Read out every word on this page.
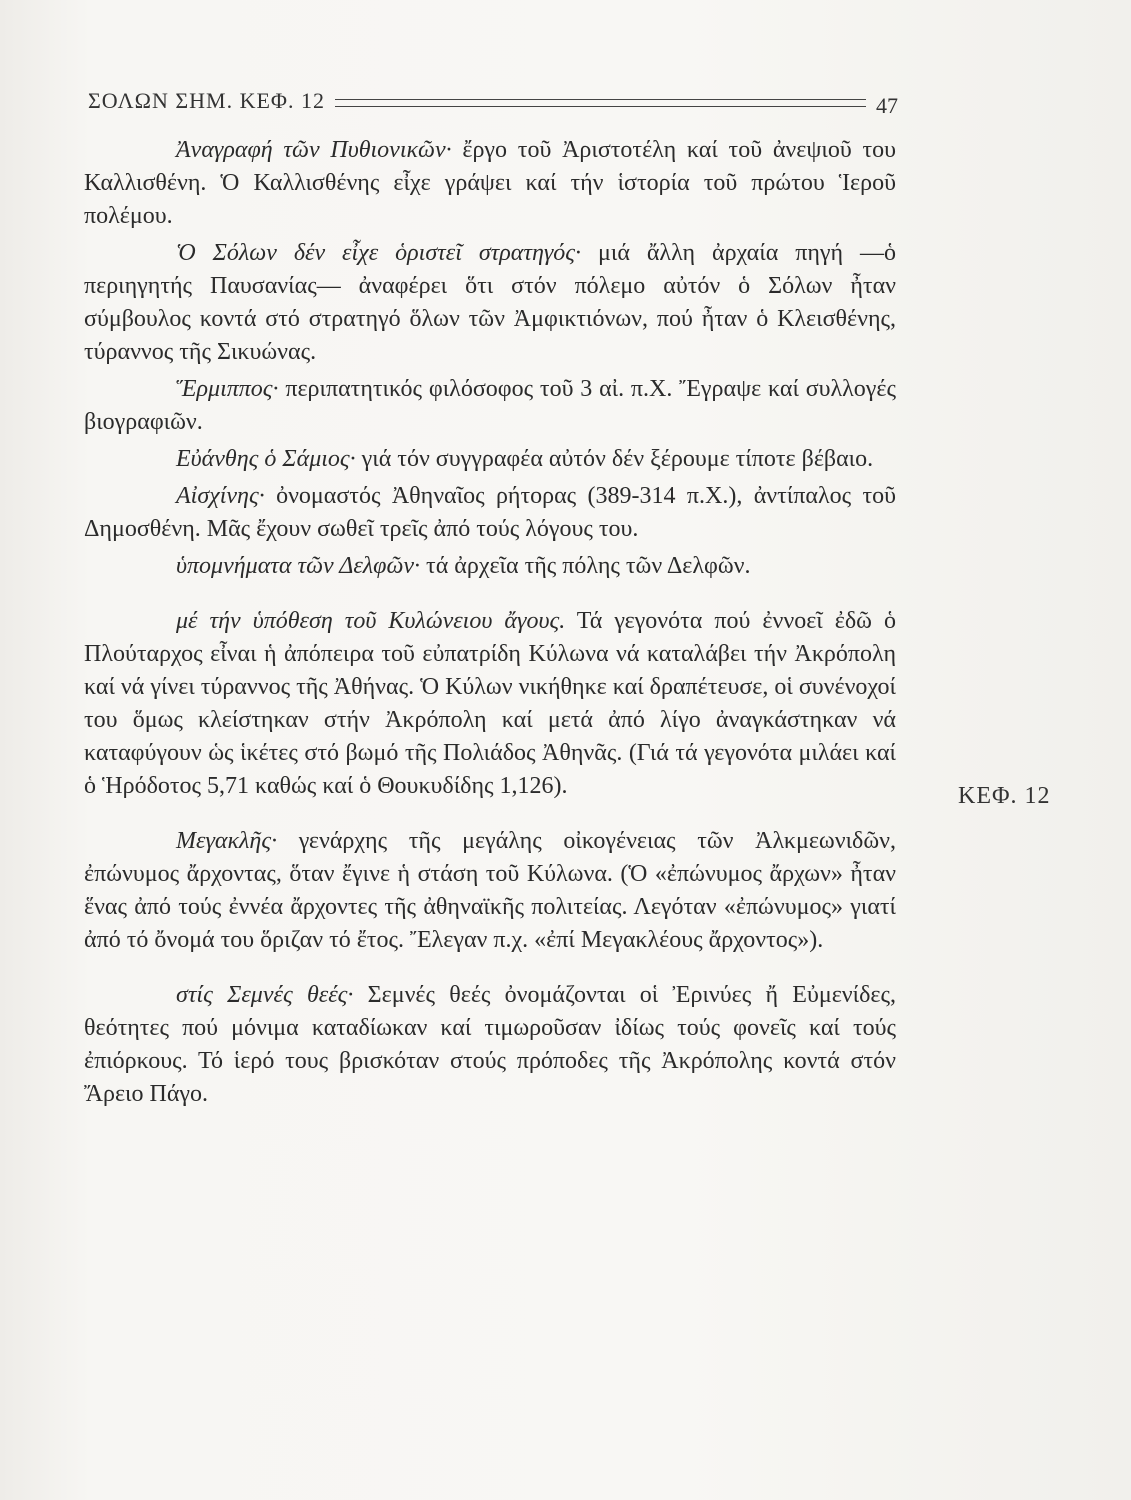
ΣΟΛΩΝ ΣΗΜ. ΚΕΦ. 12	47

Ἀναγραφή τῶν Πυθιονικῶν· ἔργο τοῦ Ἀριστοτέλη καί τοῦ ἀνεψιοῦ του Καλλισθένη. Ὁ Καλλισθένης εἶχε γράψει καί τήν ἱστορία τοῦ πρώτου Ἱεροῦ πολέμου.

Ὁ Σόλων δέν εἶχε ὁριστεῖ στρατηγός· μιά ἄλλη ἀρχαία πηγή —ὁ περιηγητής Παυσανίας— ἀναφέρει ὅτι στόν πόλεμο αὐτόν ὁ Σόλων ἦταν σύμβουλος κοντά στό στρατηγό ὅλων τῶν Ἀμφικτιόνων, πού ἦταν ὁ Κλεισθένης, τύραννος τῆς Σικυώνας.

Ἕρμιππος· περιπατητικός φιλόσοφος τοῦ 3 αἰ. π.Χ. Ἔγραψε καί συλλογές βιογραφιῶν.

Εὐάνθης ὁ Σάμιος· γιά τόν συγγραφέα αὐτόν δέν ξέρουμε τίποτε βέβαιο.

Αἰσχίνης· ὀνομαστός Ἀθηναῖος ρήτορας (389-314 π.Χ.), ἀντίπαλος τοῦ Δημοσθένη. Μᾶς ἔχουν σωθεῖ τρεῖς ἀπό τούς λόγους του.

ὑπομνήματα τῶν Δελφῶν· τά ἀρχεῖα τῆς πόλης τῶν Δελφῶν.

μέ τήν ὑπόθεση τοῦ Κυλώνειου ἄγους. Τά γεγονότα πού ἐννοεῖ ἐδῶ ὁ Πλούταρχος εἶναι ἡ ἀπόπειρα τοῦ εὐπατρίδη Κύλωνα νά καταλάβει τήν Ἀκρόπολη καί νά γίνει τύραννος τῆς Ἀθήνας. Ὁ Κύλων νικήθηκε καί δραπέτευσε, οἱ συνένοχοί του ὅμως κλείστηκαν στήν Ἀκρόπολη καί μετά ἀπό λίγο ἀναγκάστηκαν νά καταφύγουν ὡς ἱκέτες στό βωμό τῆς Πολιάδος Ἀθηνᾶς. (Γιά τά γεγονότα μιλάει καί ὁ Ἡρόδοτος 5,71 καθώς καί ὁ Θουκυδίδης 1,126).

Μεγακλῆς· γενάρχης τῆς μεγάλης οἰκογένειας τῶν Ἀλκμεωνιδῶν, ἐπώνυμος ἄρχοντας, ὅταν ἔγινε ἡ στάση τοῦ Κύλωνα. (Ὁ «ἐπώνυμος ἄρχων» ἦταν ἕνας ἀπό τούς ἐννέα ἄρχοντες τῆς ἀθηναϊκῆς πολιτείας. Λεγόταν «ἐπώνυμος» γιατί ἀπό τό ὄνομά του ὅριζαν τό ἔτος. Ἔλεγαν π.χ. «ἐπί Μεγακλέους ἄρχοντος»).

στίς Σεμνές θεές· Σεμνές θεές ὀνομάζονται οἱ Ἐρινύες ἤ Εὐμενίδες, θεότητες πού μόνιμα καταδίωκαν καί τιμωροῦσαν ἰδίως τούς φονεῖς καί τούς ἐπιόρκους. Τό ἱερό τους βρισκόταν στούς πρόποδες τῆς Ἀκρόπολης κοντά στόν Ἄρειο Πάγο.

ΚΕΦ. 12
